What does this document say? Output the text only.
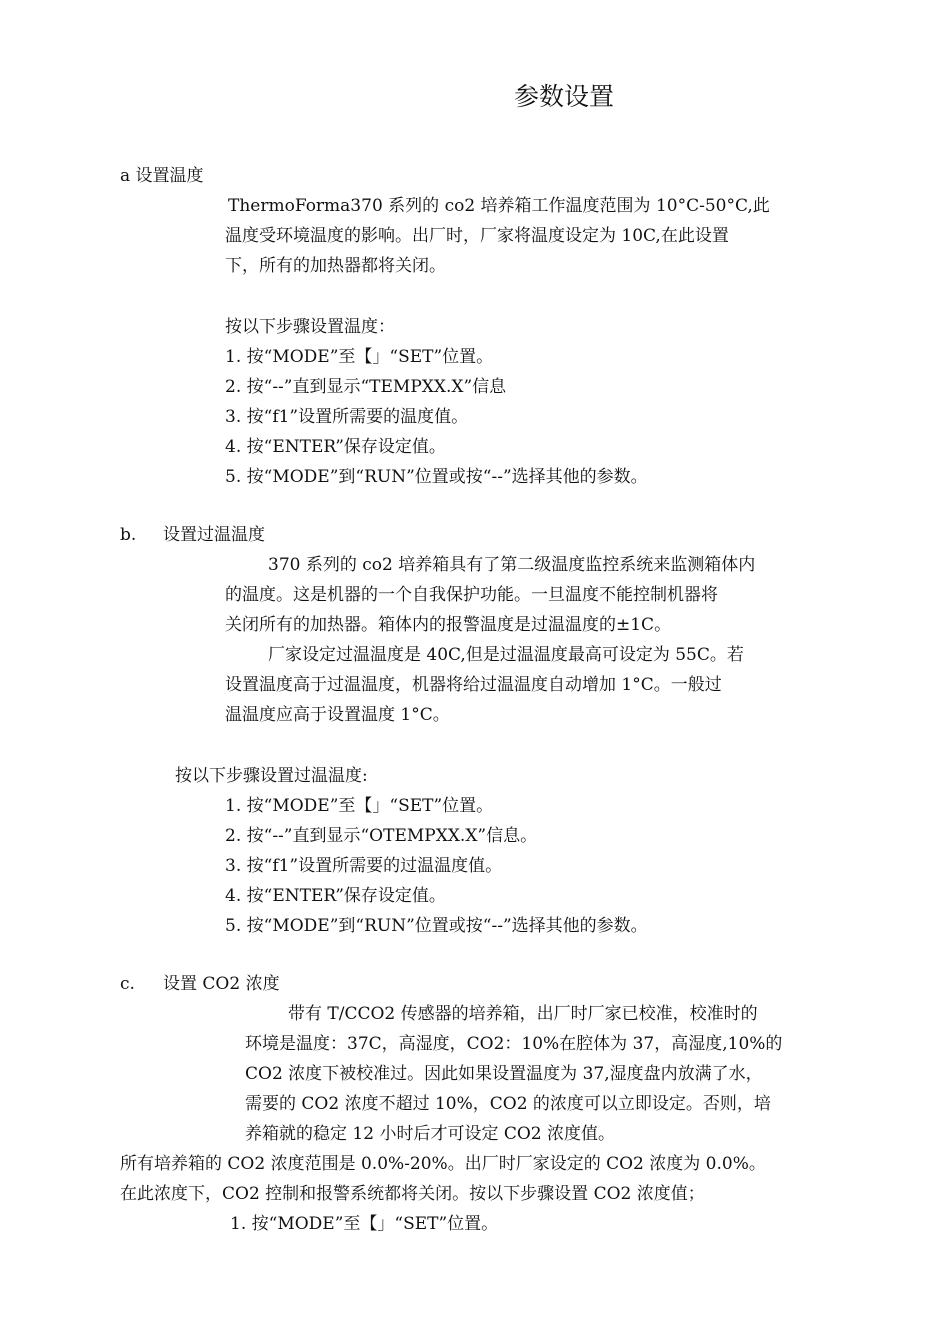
参数设置
a 设置温度
ThermoForma370 系列的 co2 培养箱工作温度范围为 10°C-50°C,此
温度受环境温度的影响。出厂时，厂家将温度设定为 10C,在此设置
下，所有的加热器都将关闭。
按以下步骤设置温度：
1. 按“MODE”至【」“SET”位置。
2. 按“--”直到显示“TEMPXX.X”信息
3. 按“f1”设置所需要的温度值。
4. 按“ENTER”保存设定值。
5. 按“MODE”到“RUN”位置或按“--”选择其他的参数。
b. 设置过温温度
370 系列的 co2 培养箱具有了第二级温度监控系统来监测箱体内
的温度。这是机器的一个自我保护功能。一旦温度不能控制机器将
关闭所有的加热器。箱体内的报警温度是过温温度的±1C。
厂家设定过温温度是 40C,但是过温温度最高可设定为 55C。若
设置温度高于过温温度，机器将给过温温度自动增加 1°C。一般过
温温度应高于设置温度 1°C。
按以下步骤设置过温温度:
1. 按“MODE”至【」“SET”位置。
2. 按“--”直到显示“OTEMPXX.X”信息。
3. 按“f1”设置所需要的过温温度值。
4. 按“ENTER”保存设定值。
5. 按“MODE”到“RUN”位置或按“--”选择其他的参数。
c. 设置 CO2 浓度
带有 T/CCO2 传感器的培养箱，出厂时厂家已校准，校准时的
环境是温度：37C，高湿度，CO2：10%在腔体为 37，高湿度,10%的
CO2 浓度下被校准过。因此如果设置温度为 37,湿度盘内放满了水，
需要的 CO2 浓度不超过 10%，CO2 的浓度可以立即设定。否则，培
养箱就的稳定 12 小时后才可设定 CO2 浓度值。
所有培养箱的 CO2 浓度范围是 0.0%-20%。出厂时厂家设定的 CO2 浓度为 0.0%。
在此浓度下，CO2 控制和报警系统都将关闭。按以下步骤设置 CO2 浓度值；
1. 按“MODE”至【」“SET”位置。
